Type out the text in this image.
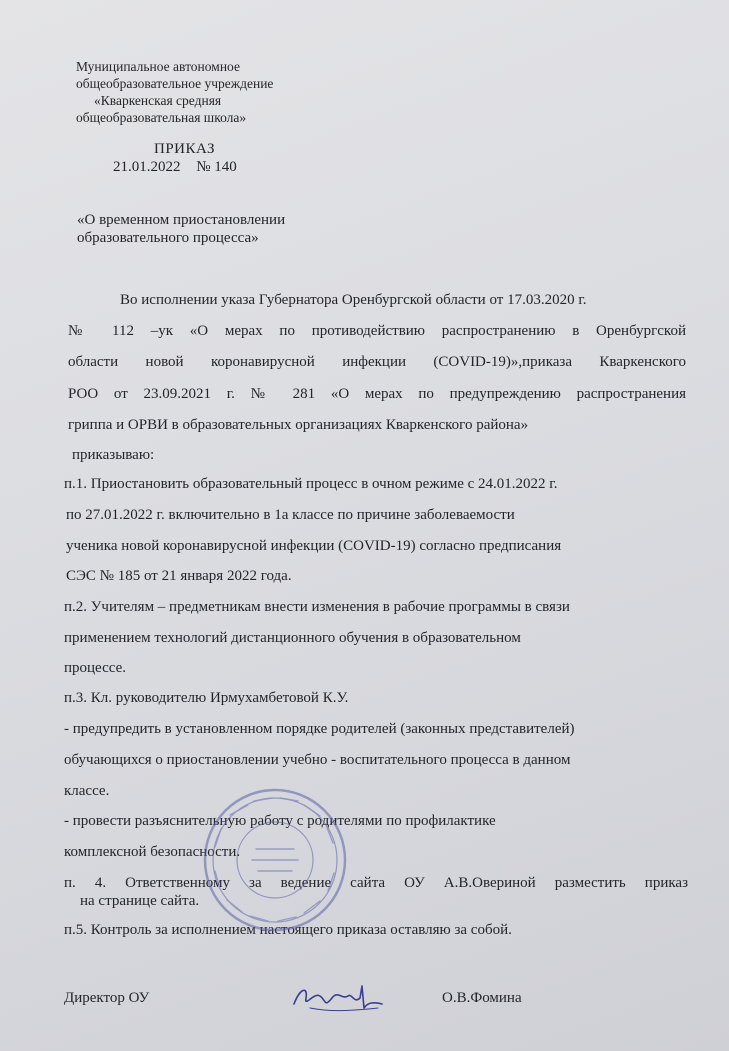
Муниципальное автономное
общеобразовательное учреждение
«Кваркенская средняя
общеобразовательная школа»
ПРИКАЗ
21.01.2022 № 140
«О временном приостановлении
образовательного процесса»
Во исполнении указа Губернатора Оренбургской области от 17.03.2020 г.
№ 112 –ук «О мерах по противодействию распространению в Оренбургской
области новой коронавирусной инфекции (COVID-19)»,приказа Кваркенского
РОО от 23.09.2021 г. № 281 «О мерах по предупреждению распространения
гриппа и ОРВИ в образовательных организациях Кваркенского района»
приказываю:
п.1. Приостановить образовательный процесс в очном режиме с 24.01.2022 г.
по 27.01.2022 г. включительно в 1а классе по причине заболеваемости
ученика новой коронавирусной инфекции (COVID-19) согласно предписания
СЭС № 185 от 21 января 2022 года.
п.2. Учителям – предметникам внести изменения в рабочие программы в связи
применением технологий дистанционного обучения в образовательном
процессе.
п.3. Кл. руководителю Ирмухамбетовой К.У.
- предупредить в установленном порядке родителей (законных представителей)
обучающихся о приостановлении учебно - воспитательного процесса в данном
классе.
- провести разъяснительную работу с родителями по профилактике
комплексной безопасности.
п. 4. Ответственному за ведение сайта ОУ А.В.Овериной разместить приказ
на странице сайта.
п.5. Контроль за исполнением настоящего приказа оставляю за собой.
Директор ОУ	О.В.Фомина
